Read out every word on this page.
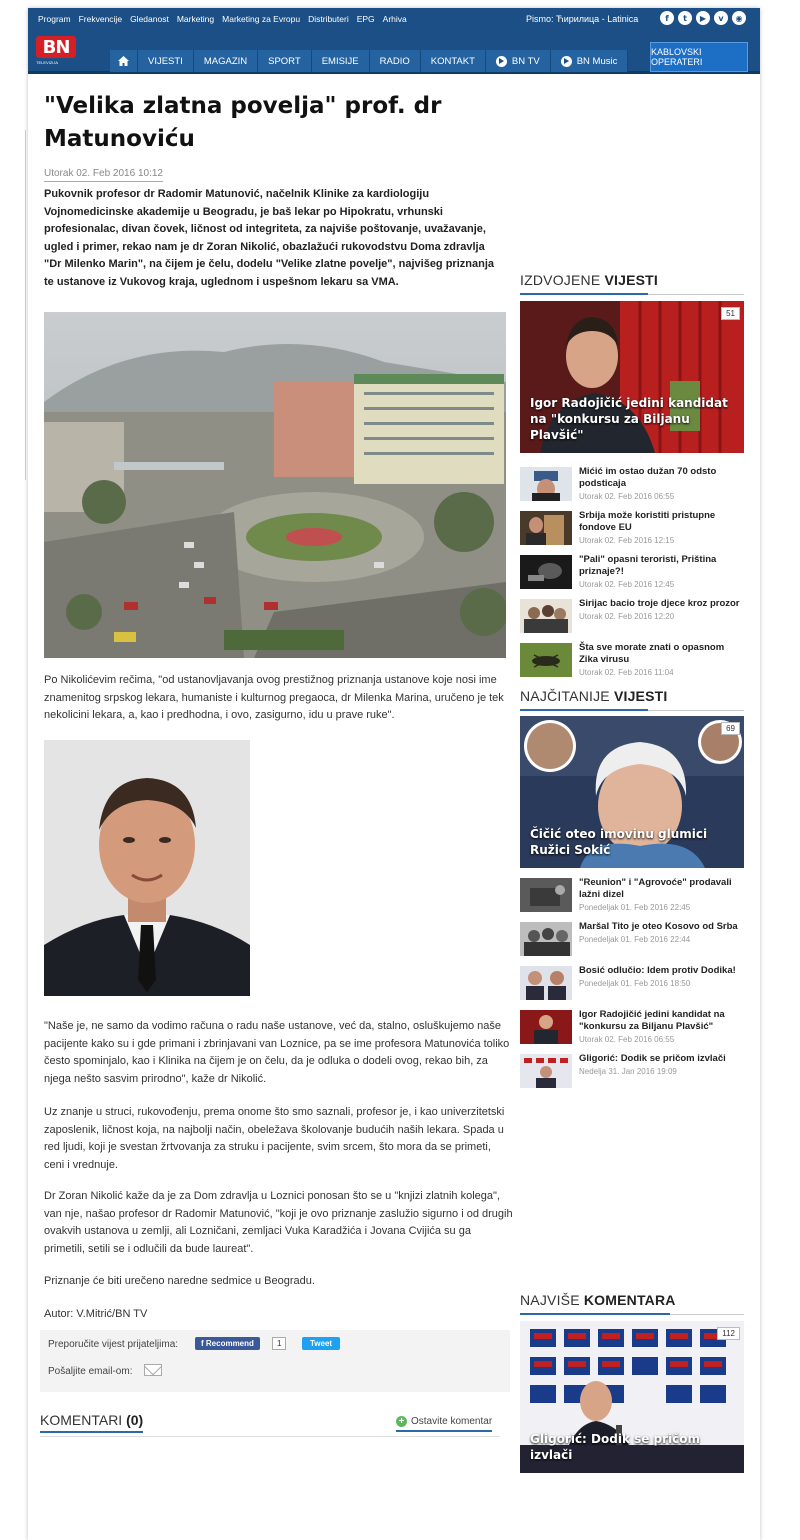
Program Frekvencije Gledanost Marketing Marketing za Evropu Distributeri EPG Arhiva	Pismo: Ћирилица - Latinica	f	t	▶	v	◉
BN
TELEVIZIJA	VIJESTI	MAGAZIN	SPORT	EMISIJE	RADIO	KONTAKT	BN TV	BN Music
KABLOVSKI OPERATERI
"Velika zlatna povelja" prof. dr Matunoviću
Utorak 02. Feb 2016 10:12
Pukovnik profesor dr Radomir Matunović, načelnik Klinike za kardiologiju Vojnomedicinske akademije u Beogradu, je baš lekar po Hipokratu, vrhunski profesionalac, divan čovek, ličnost od integriteta, za najviše poštovanje, uvažavanje, ugled i primer, rekao nam je dr Zoran Nikolić, obazlažući rukovodstvu Doma zdravlja "Dr Milenko Marin", na čijem je čelu, dodelu "Velike zlatne povelje", najvišeg priznanja te ustanove iz Vukovog kraja, uglednom i uspešnom lekaru sa VMA.
Po Nikolićevim rečima, "od ustanovljavanja ovog prestižnog priznanja ustanove koje nosi ime znamenitog srpskog lekara, humaniste i kulturnog pregaoca, dr Milenka Marina, uručeno je tek nekolicini lekara, a, kao i predhodna, i ovo, zasigurno, idu u prave ruke".
"Naše je, ne samo da vodimo računa o radu naše ustanove, već da, stalno, osluškujemo naše pacijente kako su i gde primani i zbrinjavani van Loznice, pa se ime profesora Matunovića toliko često spominjalo, kao i Klinika na čijem je on čelu, da je odluka o dodeli ovog, rekao bih, za njega nešto sasvim prirodno", kaže dr Nikolić.
Uz znanje u struci, rukovođenju, prema onome što smo saznali, profesor je, i kao univerzitetski zaposlenik, ličnost koja, na najbolji način, obeležava školovanje budućih naših lekara. Spada u red ljudi, koji je svestan žrtvovanja za struku i pacijente, svim srcem, što mora da se primeti, ceni i vrednuje.
Dr Zoran Nikolić kaže da je za Dom zdravlja u Loznici ponosan što se u "knjizi zlatnih kolega", van nje, našao profesor dr Radomir Matunović, "koji je ovo priznanje zaslužio sigurno i od drugih ovakvih ustanova u zemlji, ali Lozničani, zemljaci Vuka Karadžića i Jovana Cvijića su ga primetili, setili se i odlučili da bude laureat".
Priznanje će biti urečeno naredne sedmice u Beogradu.
Autor: V.Mitrić/BN TV
Preporučite vijest prijateljima:	f Recommend	1	Tweet
Pošaljite email-om:
KOMENTARI (0)	+ Ostavite komentar
IZDVOJENE VIJESTI
51
Igor Radojičić jedini kandidat na "konkursu za Biljanu Plavšić"
Mićić im ostao dužan 70 odsto podsticaja
Utorak 02. Feb 2016 06:55
Srbija može koristiti pristupne fondove EU
Utorak 02. Feb 2016 12:15
"Pali" opasni teroristi, Priština priznaje?!
Utorak 02. Feb 2016 12:45
Sirijac bacio troje djece kroz prozor
Utorak 02. Feb 2016 12:20
Šta sve morate znati o opasnom Zika virusu
Utorak 02. Feb 2016 11:04
NAJČITANIJE VIJESTI
69
Čičić oteo imovinu glumici Ružici Sokić
"Reunion" i "Agrovoće" prodavali lažni dizel
Ponedeljak 01. Feb 2016 22:45
Maršal Tito je oteo Kosovo od Srba
Ponedeljak 01. Feb 2016 22:44
Bosić odlučio: Idem protiv Dodika!
Ponedeljak 01. Feb 2016 18:50
Igor Radojičić jedini kandidat na "konkursu za Biljanu Plavšić"
Utorak 02. Feb 2016 06:55
Gligorić: Dodik se pričom izvlači
Nedelja 31. Jan 2016 19:09
NAJVIŠE KOMENTARA
112
Gligorić: Dodik se pričom izvlači
